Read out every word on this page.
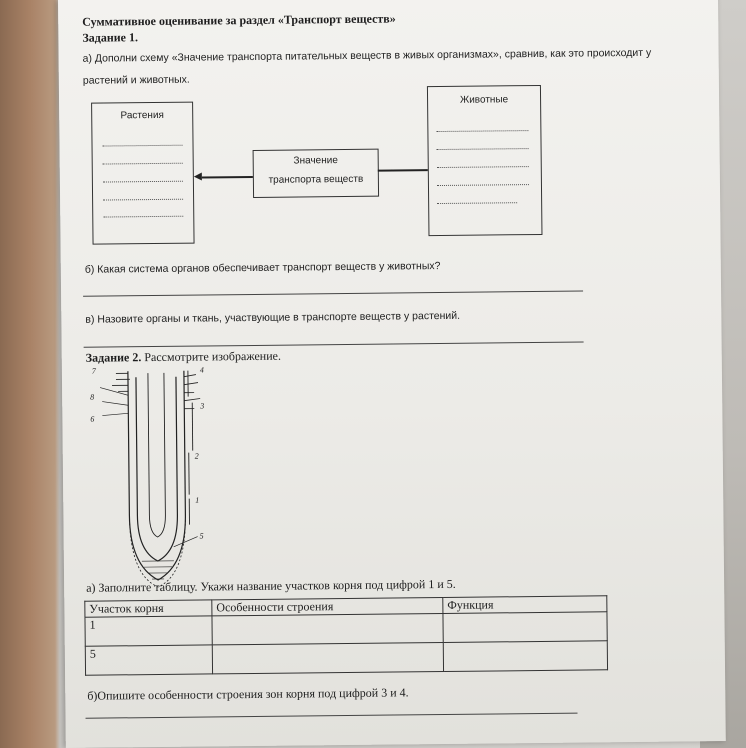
Суммативное оценивание за раздел «Транспорт веществ»
Задание 1.
а) Дополни схему «Значение транспорта питательных веществ в живых организмах», сравнив, как это происходит у растений и животных.
Растения
Значение
транспорта веществ
Животные
б) Какая система органов обеспечивает транспорт веществ у животных?
в) Назовите органы и ткань, участвующие в транспорте веществ у растений.
Задание 2. Рассмотрите изображение.
7
8
6
4
3
2
1
5
а) Заполните таблицу. Укажи название участков корня под цифрой 1 и 5.
Участок корня	Особенности строения	Функция
1		
5		
б)Опишите особенности строения зон корня под цифрой 3 и 4.
